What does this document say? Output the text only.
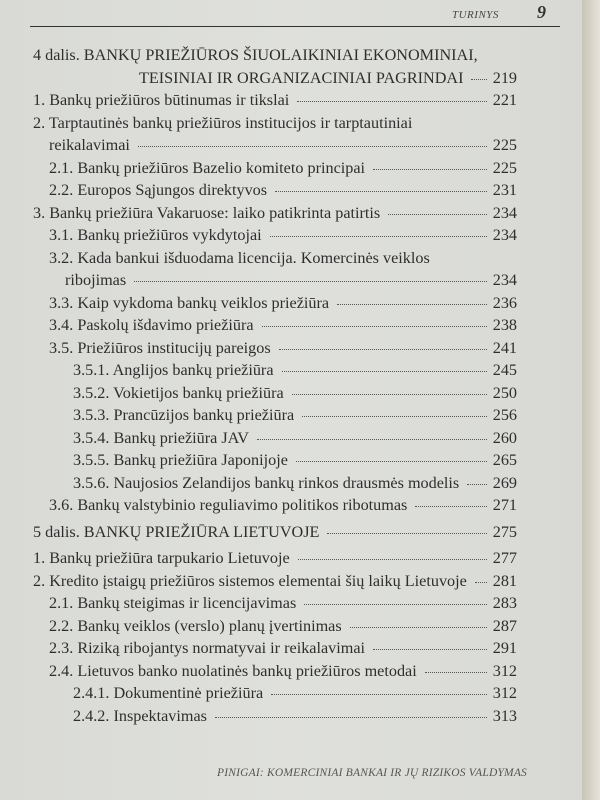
TURINYS 9
4 dalis. BANKŲ PRIEŽIŪROS ŠIUOLAIKINIAI EKONOMINIAI,
TEISINIAI IR ORGANIZACINIAI PAGRINDAI 219
1. Bankų priežiūros būtinumas ir tikslai	221
2. Tarptautinės bankų priežiūros institucijos ir tarptautiniai
reikalavimai	225
2.1. Bankų priežiūros Bazelio komiteto principai	225
2.2. Europos Sąjungos direktyvos	231
3. Bankų priežiūra Vakaruose: laiko patikrinta patirtis	234
3.1. Bankų priežiūros vykdytojai	234
3.2. Kada bankui išduodama licencija. Komercinės veiklos
ribojimas	234
3.3. Kaip vykdoma bankų veiklos priežiūra	236
3.4. Paskolų išdavimo priežiūra	238
3.5. Priežiūros institucijų pareigos	241
3.5.1. Anglijos bankų priežiūra	245
3.5.2. Vokietijos bankų priežiūra	250
3.5.3. Prancūzijos bankų priežiūra	256
3.5.4. Bankų priežiūra JAV	260
3.5.5. Bankų priežiūra Japonijoje	265
3.5.6. Naujosios Zelandijos bankų rinkos drausmės modelis 269
3.6. Bankų valstybinio reguliavimo politikos ribotumas	271
5 dalis. BANKŲ PRIEŽIŪRA LIETUVOJE	275
1. Bankų priežiūra tarpukario Lietuvoje	277
2. Kredito įstaigų priežiūros sistemos elementai šių laikų Lietuvoje 281
2.1. Bankų steigimas ir licencijavimas	283
2.2. Bankų veiklos (verslo) planų įvertinimas	287
2.3. Riziką ribojantys normatyvai ir reikalavimai	291
2.4. Lietuvos banko nuolatinės bankų priežiūros metodai	312
2.4.1. Dokumentinė priežiūra	312
2.4.2. Inspektavimas	313
PINIGAI: KOMERCINIAI BANKAI IR JŲ RIZIKOS VALDYMAS
